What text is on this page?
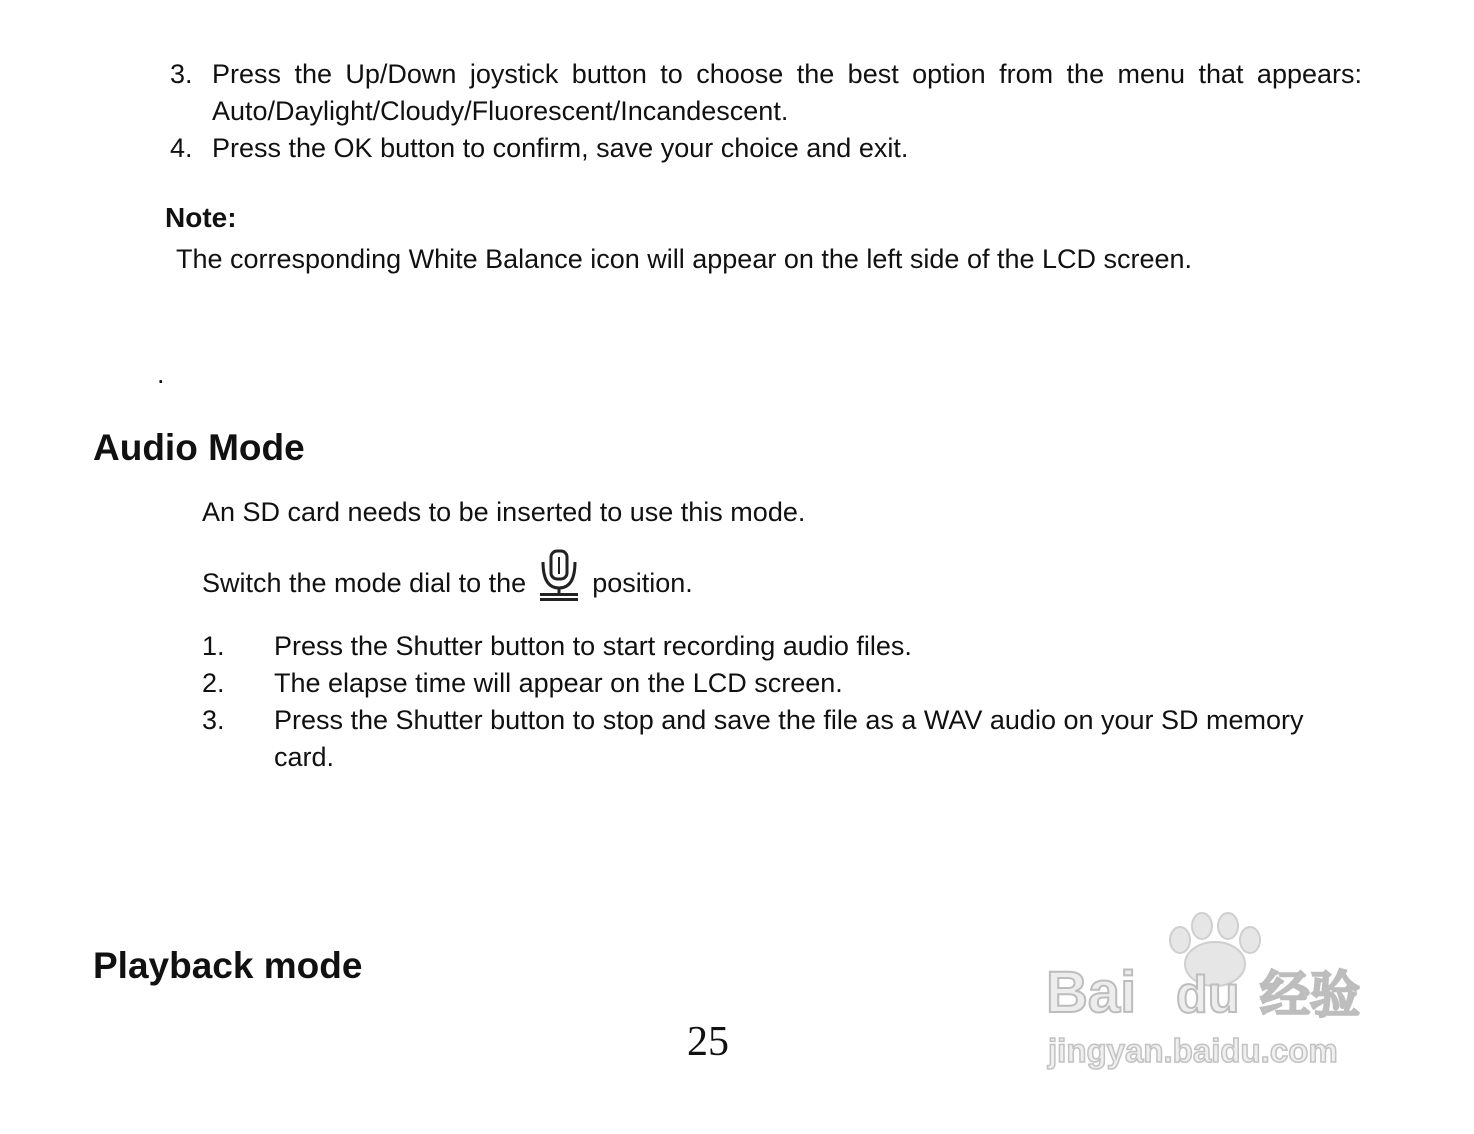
3. Press the Up/Down joystick button to choose the best option from the menu that appears: Auto/Daylight/Cloudy/Fluorescent/Incandescent.
4. Press the OK button to confirm, save your choice and exit.
Note:
The corresponding White Balance icon will appear on the left side of the LCD screen.
.
Audio Mode
An SD card needs to be inserted to use this mode.
Switch the mode dial to the position.
1.	Press the Shutter button to start recording audio files.
2.	The elapse time will appear on the LCD screen.
3.	Press the Shutter button to stop and save the file as a WAV audio on your SD memory card.
Playback mode
25
Bai du 经验
jingyan.baidu.com
